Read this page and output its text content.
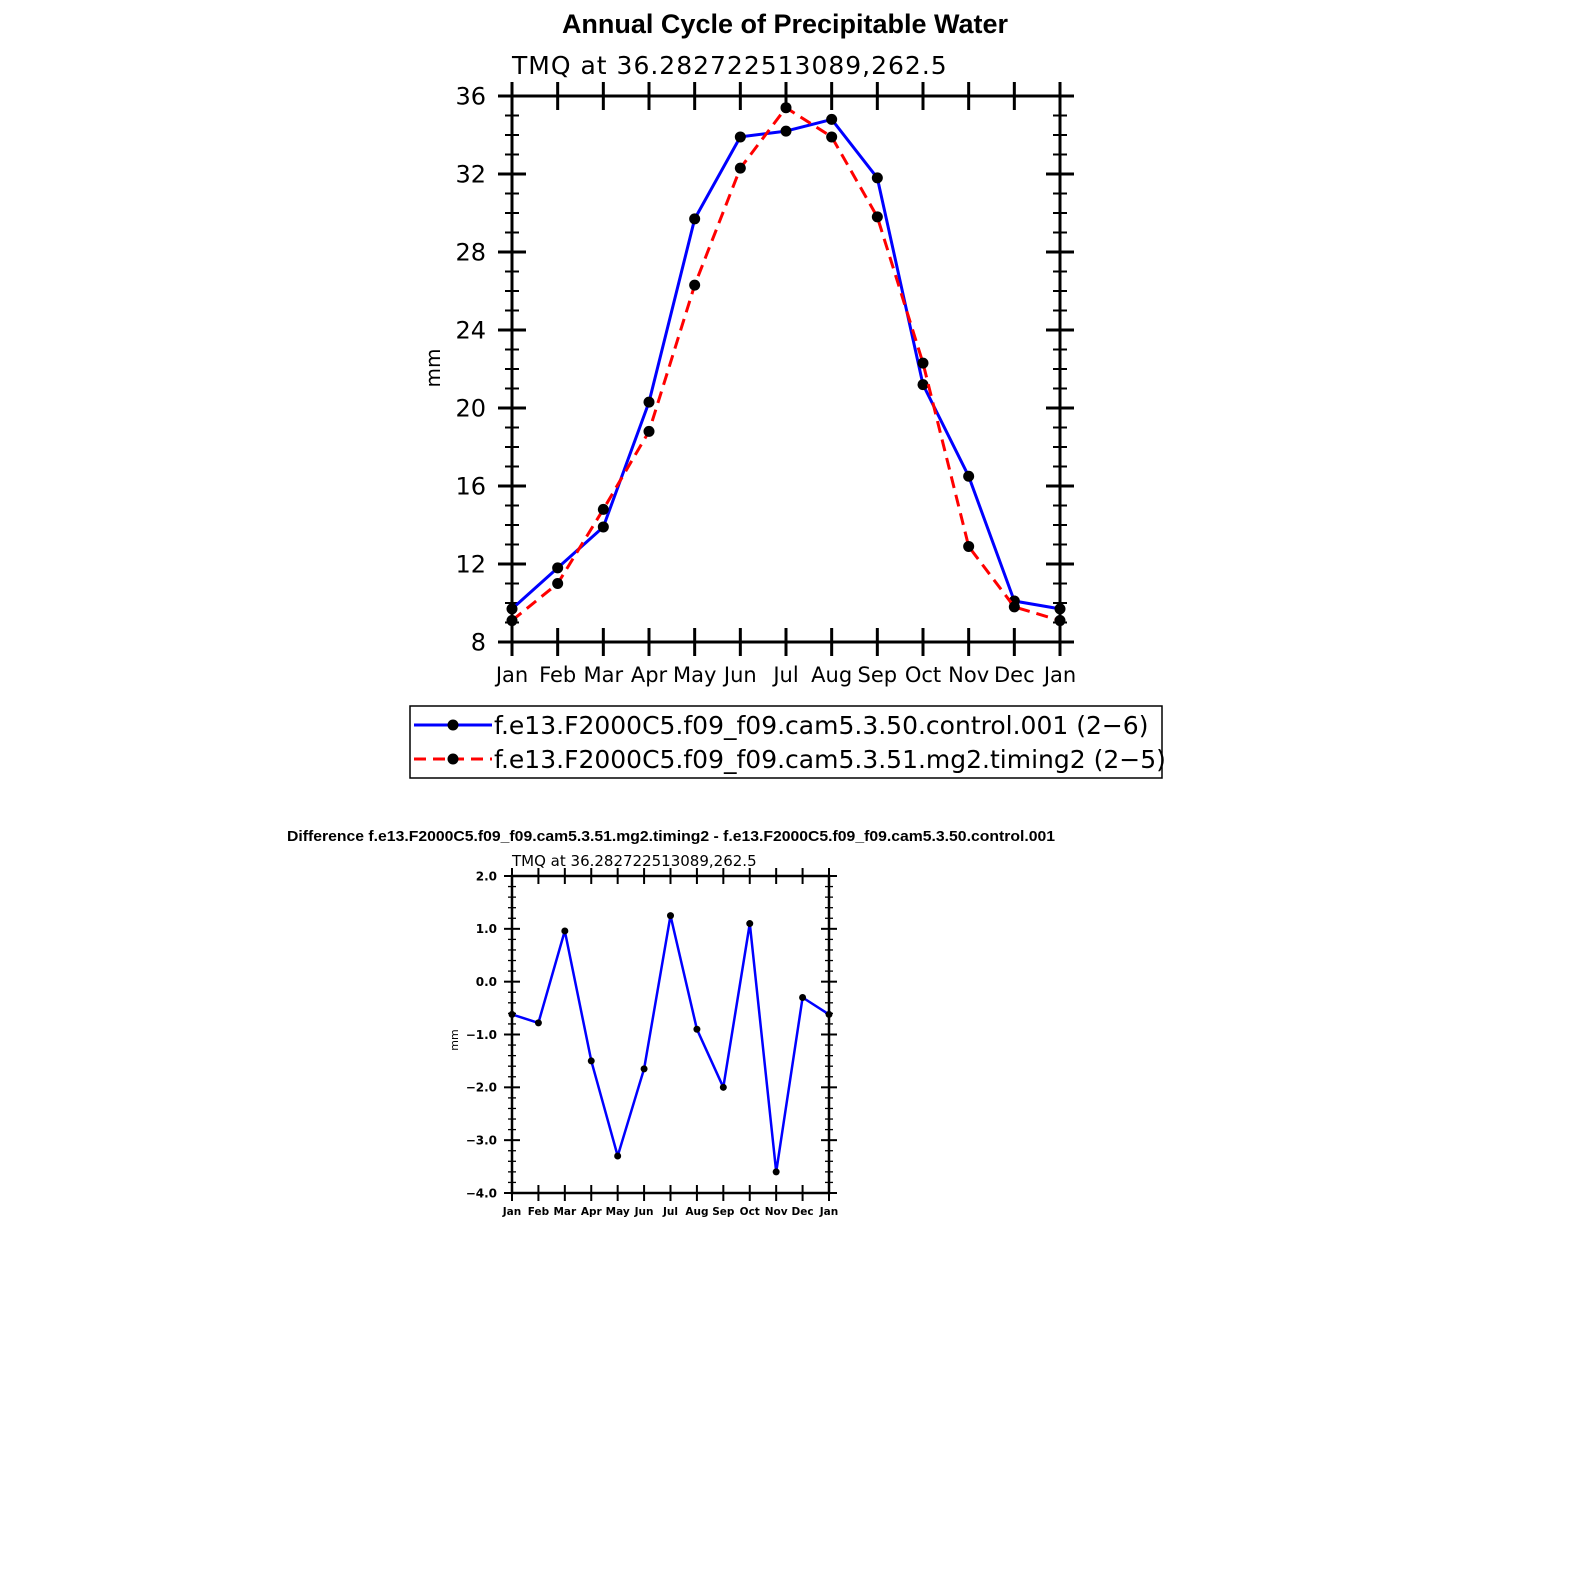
Annual Cycle of Precipitable Water
TMQ at 36.282722513089,262.5
mm
8
12
16
20
24
28
32
36
Jan Feb Mar Apr May Jun Jul Aug Sep Oct Nov Dec Jan
f.e13.F2000C5.f09_f09.cam5.3.50.control.001 (2−6)
f.e13.F2000C5.f09_f09.cam5.3.51.mg2.timing2 (2−5)
Difference f.e13.F2000C5.f09_f09.cam5.3.51.mg2.timing2 - f.e13.F2000C5.f09_f09.cam5.3.50.control.001
TMQ at 36.282722513089,262.5
mm
−4.0
−3.0
−2.0
−1.0
0.0
1.0
2.0
Jan Feb Mar Apr May Jun Jul Aug Sep Oct Nov Dec Jan
